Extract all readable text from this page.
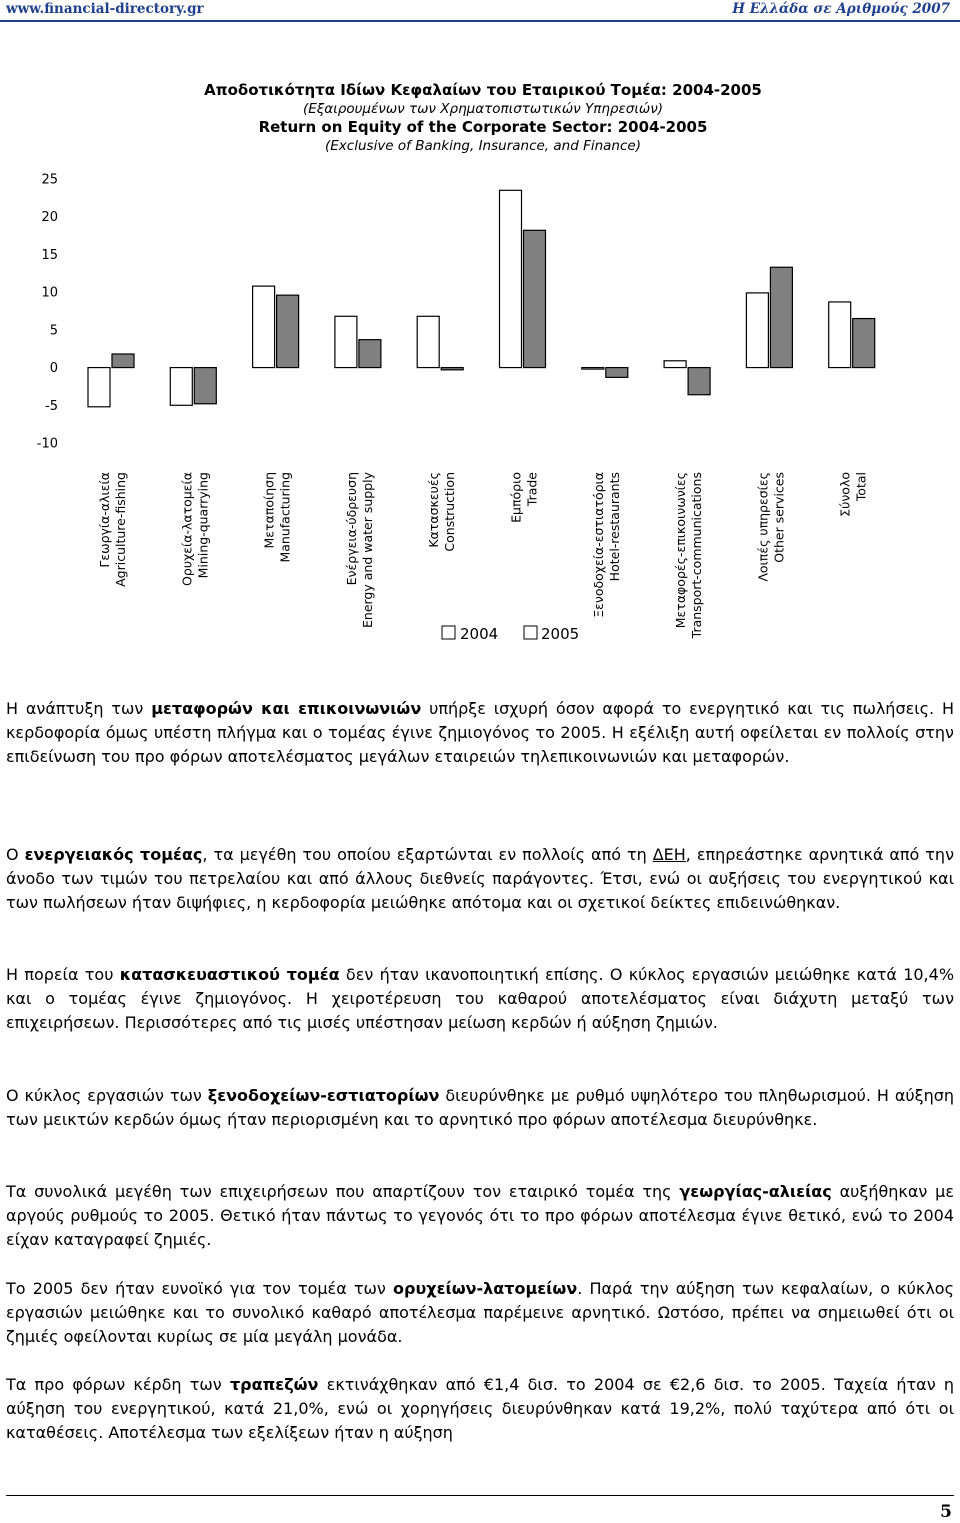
www.financial-directory.gr	Η Ελλάδα σε Αριθμούς 2007
Αποδοτικότητα Ιδίων Κεφαλαίων του Εταιρικού Τομέα: 2004-2005
(Εξαιρουμένων των Χρηματοπιστωτικών Υπηρεσιών)
Return on Equity of the Corporate Sector: 2004-2005
(Exclusive of Banking, Insurance, and Finance)
25
20
15
10
5
0
-5
-10
Γεωργία-αλιεία Agriculture-fishing	Ορυχεία-λατομεία Mining-quarrying	Μεταποίηση Manufacturing	Ενέργεια-ύδρευση Energy and water supply	Κατασκευές Construction	Εμπόριο Trade	Ξενοδοχεία-εστιατόρια Hotel-restaurants	Μεταφορές-επικοινωνίες Transport-communications	Λοιπές υπηρεσίες Other services	Σύνολο Total
2004	2005

Η ανάπτυξη των μεταφορών και επικοινωνιών υπήρξε ισχυρή όσον αφορά το ενεργητικό και τις πωλήσεις. Η κερδοφορία όμως υπέστη πλήγμα και ο τομέας έγινε ζημιογόνος το 2005. Η εξέλιξη αυτή οφείλεται εν πολλοίς στην επιδείνωση του προ φόρων αποτελέσματος μεγάλων εταιρειών τηλεπικοινωνιών και μεταφορών.

Ο ενεργειακός τομέας, τα μεγέθη του οποίου εξαρτώνται εν πολλοίς από τη ΔΕΗ, επηρεάστηκε αρνητικά από την άνοδο των τιμών του πετρελαίου και από άλλους διεθνείς παράγοντες. Έτσι, ενώ οι αυξήσεις του ενεργητικού και των πωλήσεων ήταν διψήφιες, η κερδοφορία μειώθηκε απότομα και οι σχετικοί δείκτες επιδεινώθηκαν.

Η πορεία του κατασκευαστικού τομέα δεν ήταν ικανοποιητική επίσης. Ο κύκλος εργασιών μειώθηκε κατά 10,4% και ο τομέας έγινε ζημιογόνος. Η χειροτέρευση του καθαρού αποτελέσματος είναι διάχυτη μεταξύ των επιχειρήσεων. Περισσότερες από τις μισές υπέστησαν μείωση κερδών ή αύξηση ζημιών.

Ο κύκλος εργασιών των ξενοδοχείων-εστιατορίων διευρύνθηκε με ρυθμό υψηλότερο του πληθωρισμού. Η αύξηση των μεικτών κερδών όμως ήταν περιορισμένη και το αρνητικό προ φόρων αποτέλεσμα διευρύνθηκε.

Τα συνολικά μεγέθη των επιχειρήσεων που απαρτίζουν τον εταιρικό τομέα της γεωργίας-αλιείας αυξήθηκαν με αργούς ρυθμούς το 2005. Θετικό ήταν πάντως το γεγονός ότι το προ φόρων αποτέλεσμα έγινε θετικό, ενώ το 2004 είχαν καταγραφεί ζημιές.

Το 2005 δεν ήταν ευνοϊκό για τον τομέα των ορυχείων-λατομείων. Παρά την αύξηση των κεφαλαίων, ο κύκλος εργασιών μειώθηκε και το συνολικό καθαρό αποτέλεσμα παρέμεινε αρνητικό. Ωστόσο, πρέπει να σημειωθεί ότι οι ζημιές οφείλονται κυρίως σε μία μεγάλη μονάδα.

Τα προ φόρων κέρδη των τραπεζών εκτινάχθηκαν από €1,4 δισ. το 2004 σε €2,6 δισ. το 2005. Ταχεία ήταν η αύξηση του ενεργητικού, κατά 21,0%, ενώ οι χορηγήσεις διευρύνθηκαν κατά 19,2%, πολύ ταχύτερα από ότι οι καταθέσεις. Αποτέλεσμα των εξελίξεων ήταν η αύξηση

5
